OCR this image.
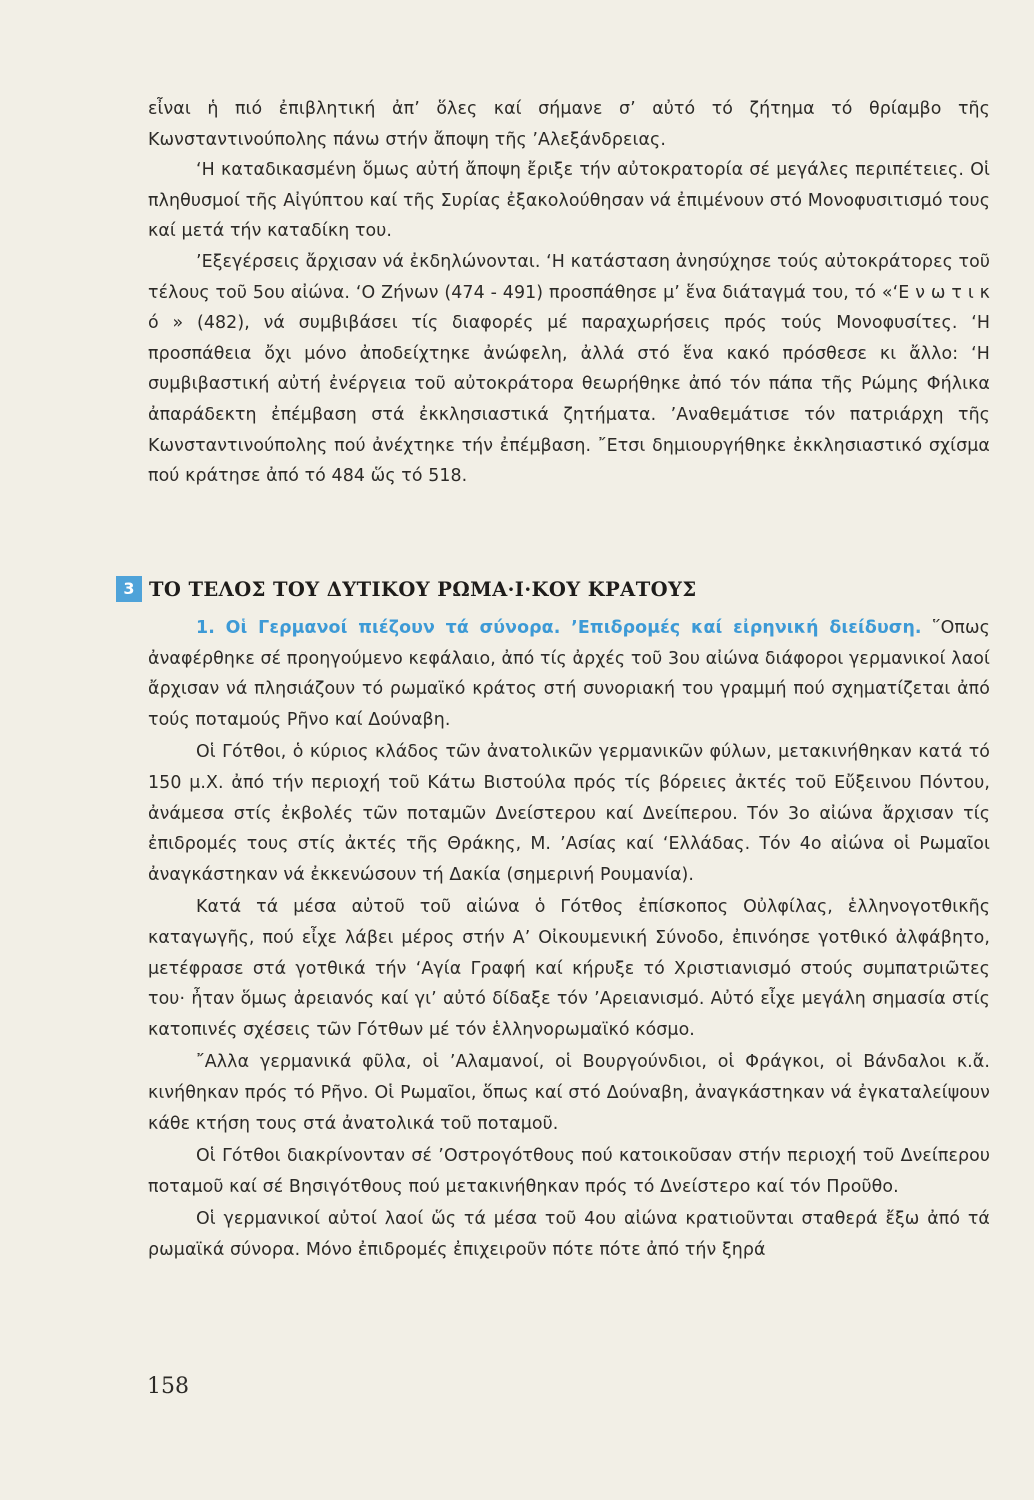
εἶναι ἡ πιό ἐπιβλητική ἀπ’ ὅλες καί σήμανε σ’ αὐτό τό ζήτημα τό θρίαμβο τῆς Κωνσταντινούπολης πάνω στήν ἄποψη τῆς ’Αλεξάνδρειας.

‘Η καταδικασμένη ὅμως αὐτή ἄποψη ἔριξε τήν αὐτοκρατορία σέ μεγάλες περιπέτειες. Οἱ πληθυσμοί τῆς Αἰγύπτου καί τῆς Συρίας ἐξακολούθησαν νά ἐπιμένουν στό Μονοφυσιτισμό τους καί μετά τήν καταδίκη του.

’Εξεγέρσεις ἄρχισαν νά ἐκδηλώνονται. ‘Η κατάσταση ἀνησύχησε τούς αὐτοκράτορες τοῦ τέλους τοῦ 5ου αἰώνα. ‘Ο Ζήνων (474 - 491) προσπάθησε μ’ ἕνα διάταγμά του, τό «‘Ε ν ω τ ι κ ό » (482), νά συμβιβάσει τίς διαφορές μέ παραχωρήσεις πρός τούς Μονοφυσίτες. ‘Η προσπάθεια ὄχι μόνο ἀποδείχτηκε ἀνώφελη, ἀλλά στό ἕνα κακό πρόσθεσε κι ἄλλο: ‘Η συμβιβαστική αὐτή ἐνέργεια τοῦ αὐτοκράτορα θεωρήθηκε ἀπό τόν πάπα τῆς Ρώμης Φήλικα ἀπαράδεκτη ἐπέμβαση στά ἐκκλησιαστικά ζητήματα. ’Αναθεμάτισε τόν πατριάρχη τῆς Κωνσταντινούπολης πού ἀνέχτηκε τήν ἐπέμβαση. ῎Ετσι δημιουργήθηκε ἐκκλησιαστικό σχίσμα πού κράτησε ἀπό τό 484 ὥς τό 518.

3 ΤΟ ΤΕΛΟΣ ΤΟΥ ΔΥΤΙΚΟΥ ΡΩΜΑ·Ι·ΚΟΥ ΚΡΑΤΟΥΣ

1. Οἱ Γερμανοί πιέζουν τά σύνορα. ’Επιδρομές καί εἰρηνική διείδυση. ῞Οπως ἀναφέρθηκε σέ προηγούμενο κεφάλαιο, ἀπό τίς ἀρχές τοῦ 3ου αἰώνα διάφοροι γερμανικοί λαοί ἄρχισαν νά πλησιάζουν τό ρωμαϊκό κράτος στή συνοριακή του γραμμή πού σχηματίζεται ἀπό τούς ποταμούς Ρῆνο καί Δούναβη.

Οἱ Γότθοι, ὁ κύριος κλάδος τῶν ἀνατολικῶν γερμανικῶν φύλων, μετακινήθηκαν κατά τό 150 μ.Χ. ἀπό τήν περιοχή τοῦ Κάτω Βιστούλα πρός τίς βόρειες ἀκτές τοῦ Εὔξεινου Πόντου, ἀνάμεσα στίς ἐκβολές τῶν ποταμῶν Δνείστερου καί Δνείπερου. Τόν 3ο αἰώνα ἄρχισαν τίς ἐπιδρομές τους στίς ἀκτές τῆς Θράκης, Μ. ’Ασίας καί ‘Ελλάδας. Τόν 4ο αἰώνα οἱ Ρωμαῖοι ἀναγκάστηκαν νά ἐκκενώσουν τή Δακία (σημερινή Ρουμανία).

Κατά τά μέσα αὐτοῦ τοῦ αἰώνα ὁ Γότθος ἐπίσκοπος Οὐλφίλας, ἑλληνογοτθικῆς καταγωγῆς, πού εἶχε λάβει μέρος στήν Α’ Οἰκουμενική Σύνοδο, ἐπινόησε γοτθικό ἀλφάβητο, μετέφρασε στά γοτθικά τήν ‘Αγία Γραφή καί κήρυξε τό Χριστιανισμό στούς συμπατριῶτες του· ἦταν ὅμως ἀρειανός καί γι’ αὐτό δίδαξε τόν ’Αρειανισμό. Αὐτό εἶχε μεγάλη σημασία στίς κατοπινές σχέσεις τῶν Γότθων μέ τόν ἑλληνορωμαϊκό κόσμο.

῎Αλλα γερμανικά φῦλα, οἱ ’Αλαμανοί, οἱ Βουργούνδιοι, οἱ Φράγκοι, οἱ Βάνδαλοι κ.ἄ. κινήθηκαν πρός τό Ρῆνο. Οἱ Ρωμαῖοι, ὅπως καί στό Δούναβη, ἀναγκάστηκαν νά ἐγκαταλείψουν κάθε κτήση τους στά ἀνατολικά τοῦ ποταμοῦ.

Οἱ Γότθοι διακρίνονταν σέ ’Οστρογότθους πού κατοικοῦσαν στήν περιοχή τοῦ Δνείπερου ποταμοῦ καί σέ Βησιγότθους πού μετακινήθηκαν πρός τό Δνείστερο καί τόν Προῦθο.

Οἱ γερμανικοί αὐτοί λαοί ὥς τά μέσα τοῦ 4ου αἰώνα κρατιοῦνται σταθερά ἔξω ἀπό τά ρωμαϊκά σύνορα. Μόνο ἐπιδρομές ἐπιχειροῦν πότε πότε ἀπό τήν ξηρά

158
